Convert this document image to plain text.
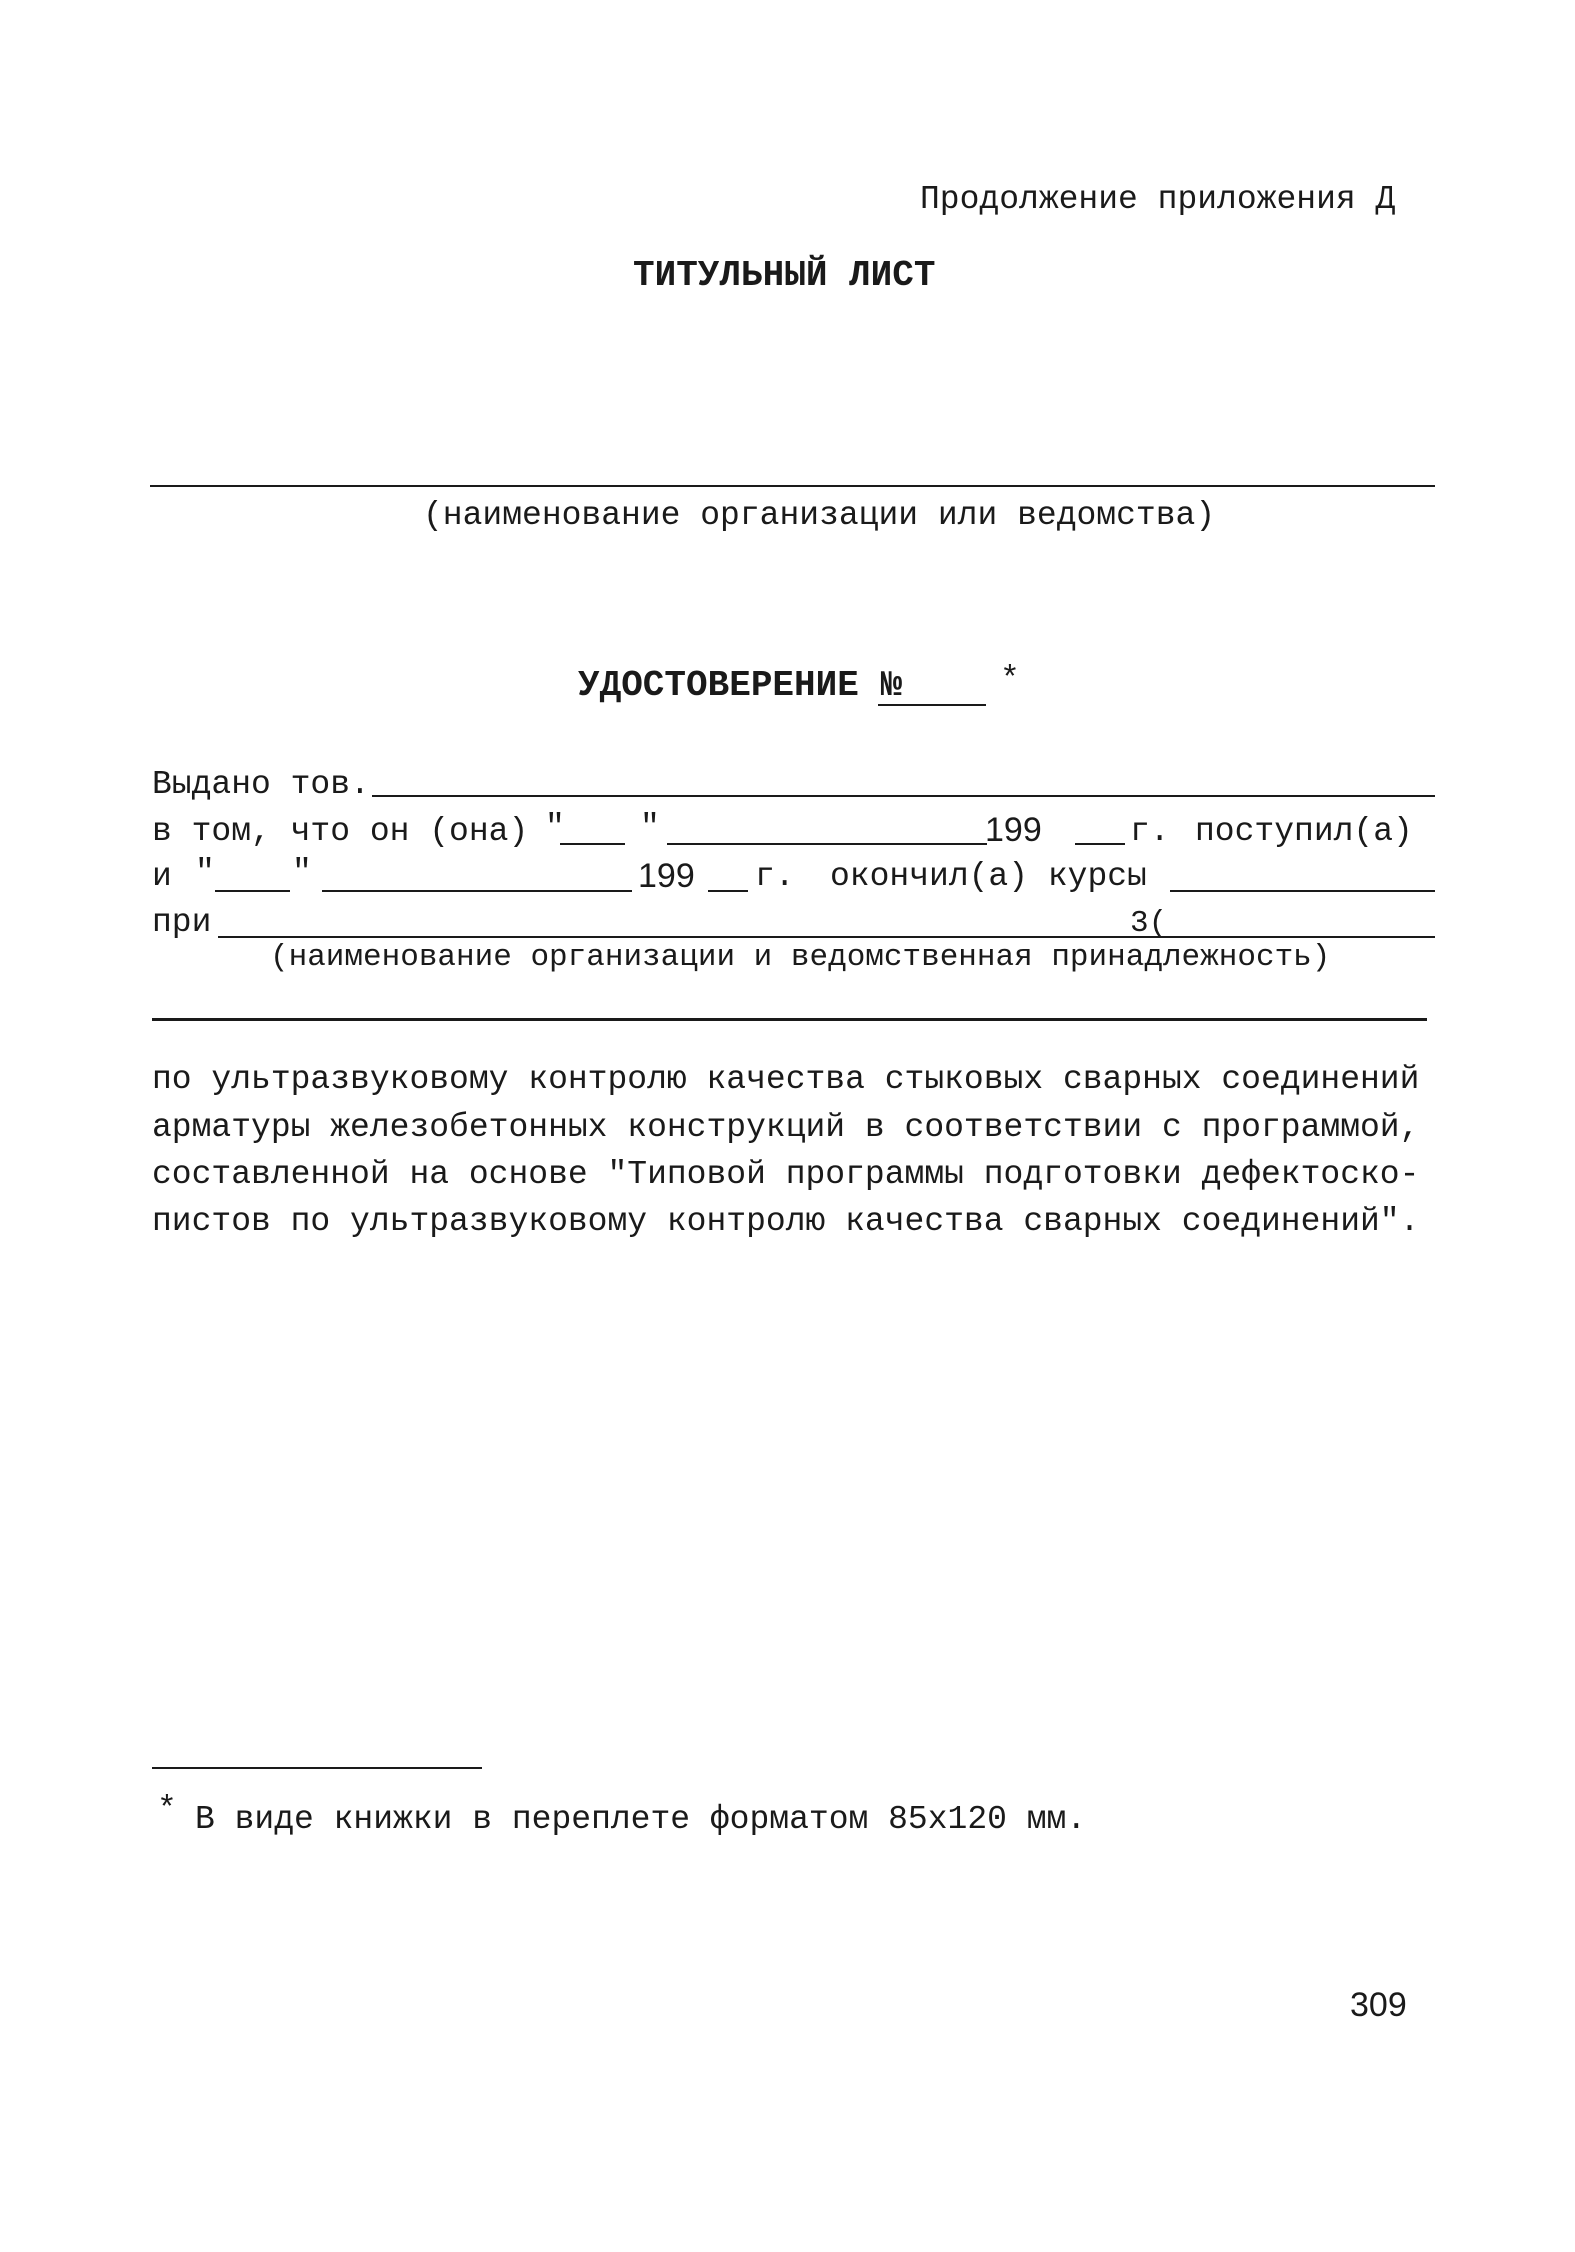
Продолжение приложения Д
ТИТУЛЬНЫЙ ЛИСТ
(наименование организации или ведомства)
УДОСТОВЕРЕНИЕ №	*
Выдано тов.
в том, что он (она) " "	199	г. поступил(а)
и " "	199 г. окончил(а) курсы
при	3(
(наименование организации и ведомственная принадлежность)
по ультразвуковому контролю качества стыковых сварных соединений
арматуры железобетонных конструкций в соответствии с программой,
составленной на основе "Типовой программы подготовки дефектоско-
пистов по ультразвуковому контролю качества сварных соединений".
* В виде книжки в переплете форматом 85х120 мм.
309
